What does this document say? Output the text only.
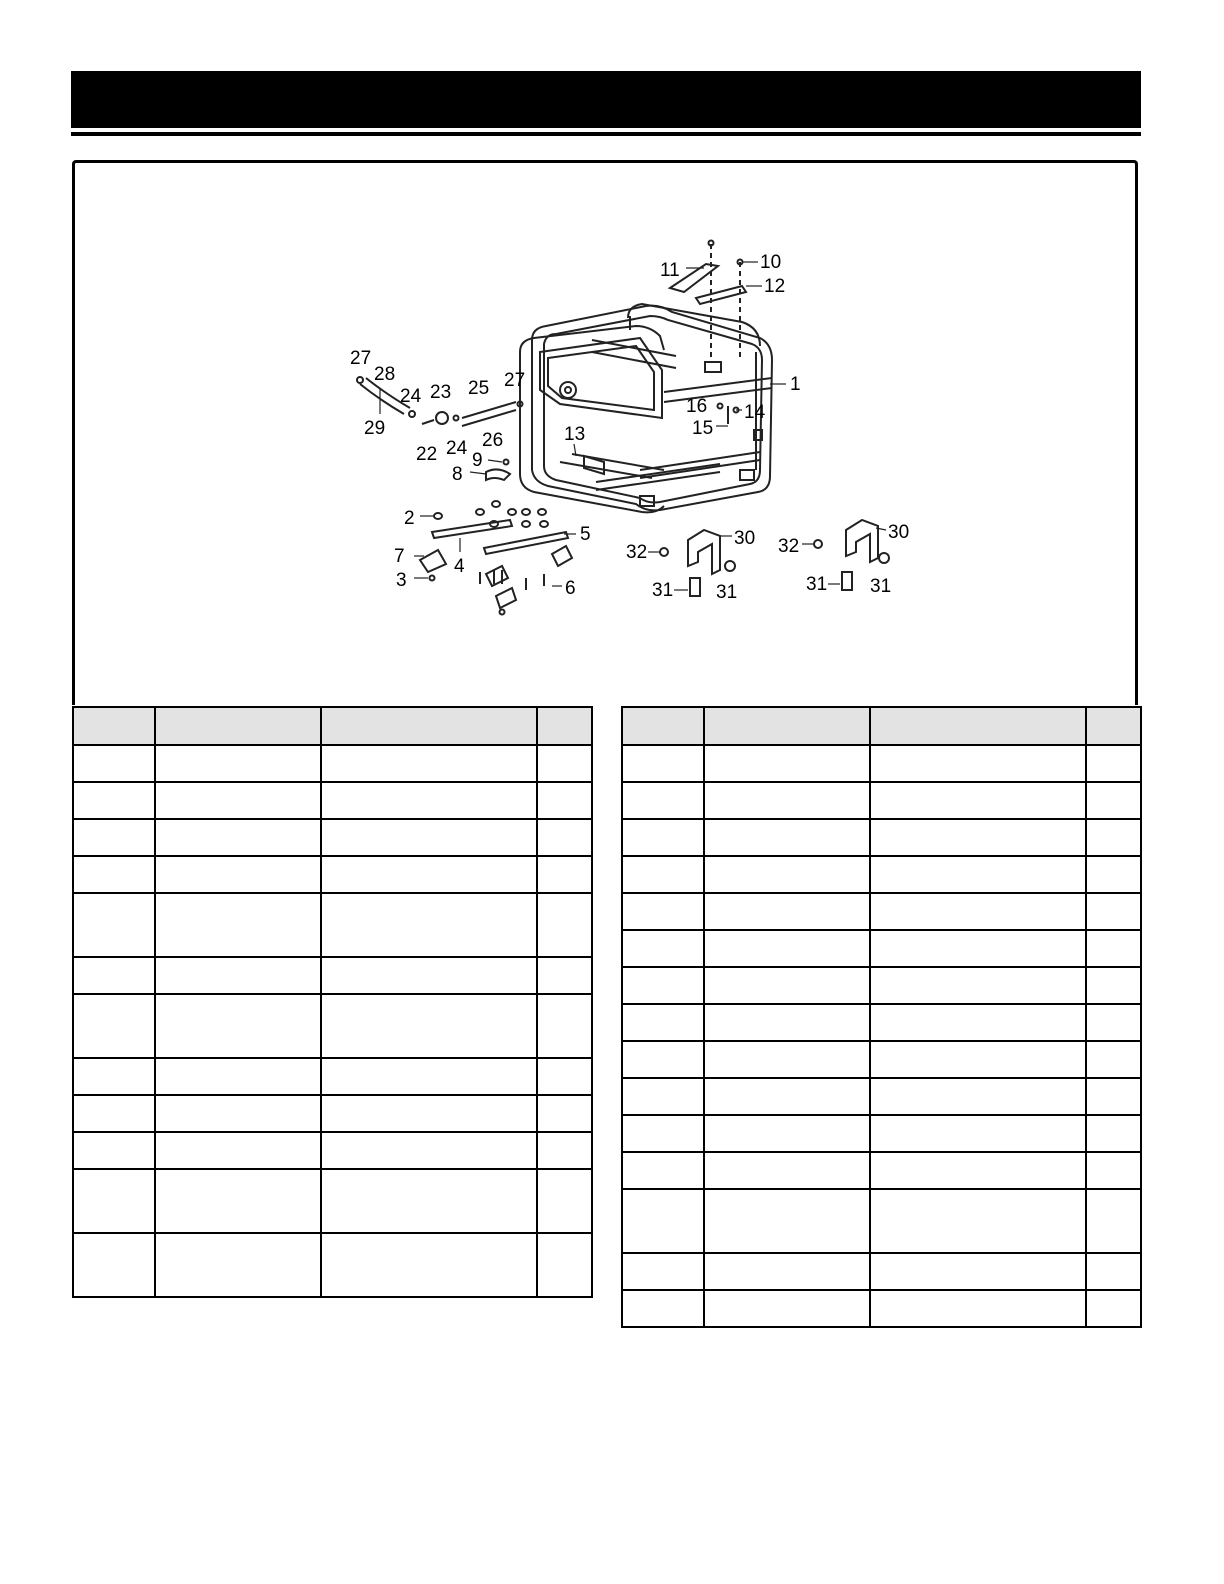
1
2
3
4
5
6
7
8
9
10
11
12
13
14
15
16
22
23
24
24
25
26
27
27
28
29
30	30
31 31	31 31
32	32
